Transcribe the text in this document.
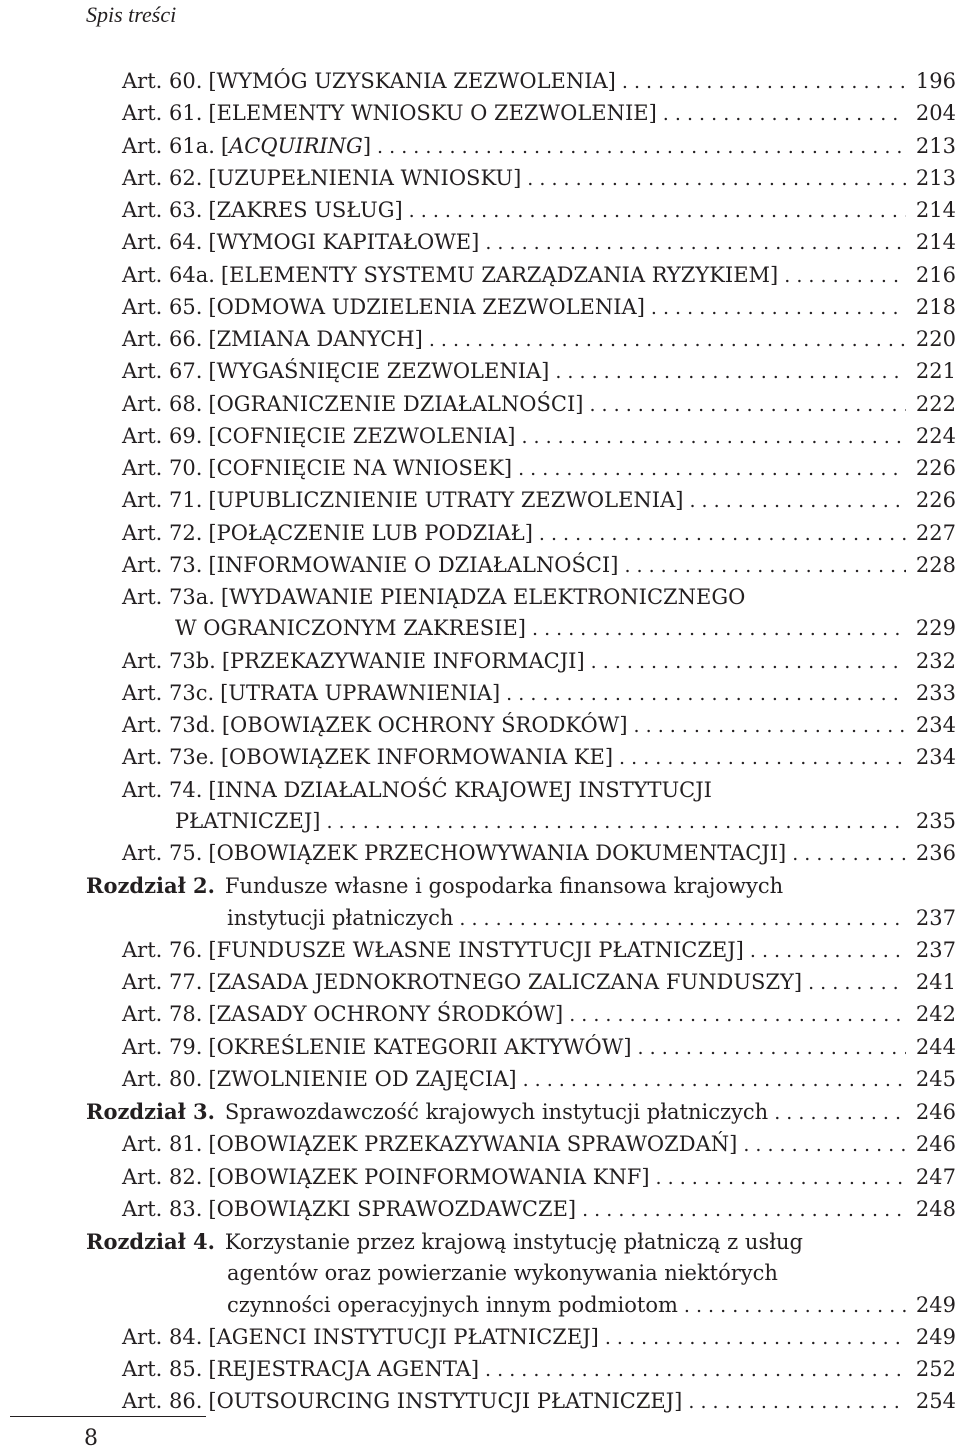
Spis treści
Art. 60. [WYMÓG UZYSKANIA ZEZWOLENIA] . . .	196
Art. 61. [ELEMENTY WNIOSKU O ZEZWOLENIE] . . .	204
Art. 61a. [ACQUIRING] . . .	213
Art. 62. [UZUPEŁNIENIA WNIOSKU] . . .	213
Art. 63. [ZAKRES USŁUG] . . .	214
Art. 64. [WYMOGI KAPITAŁOWE] . . .	214
Art. 64a. [ELEMENTY SYSTEMU ZARZĄDZANIA RYZYKIEM] . . .	216
Art. 65. [ODMOWA UDZIELENIA ZEZWOLENIA] . . .	218
Art. 66. [ZMIANA DANYCH] . . .	220
Art. 67. [WYGAŚNIĘCIE ZEZWOLENIA] . . .	221
Art. 68. [OGRANICZENIE DZIAŁALNOŚCI] . . .	222
Art. 69. [COFNIĘCIE ZEZWOLENIA] . . .	224
Art. 70. [COFNIĘCIE NA WNIOSEK] . . .	226
Art. 71. [UPUBLICZNIENIE UTRATY ZEZWOLENIA] . . .	226
Art. 72. [POŁĄCZENIE LUB PODZIAŁ] . . .	227
Art. 73. [INFORMOWANIE O DZIAŁALNOŚCI] . . .	228
Art. 73a. [WYDAWANIE PIENIĄDZA ELEKTRONICZNEGO
W OGRANICZONYM ZAKRESIE] . . .	229
Art. 73b. [PRZEKAZYWANIE INFORMACJI] . . .	232
Art. 73c. [UTRATA UPRAWNIENIA] . . .	233
Art. 73d. [OBOWIĄZEK OCHRONY ŚRODKÓW] . . .	234
Art. 73e. [OBOWIĄZEK INFORMOWANIA KE] . . .	234
Art. 74. [INNA DZIAŁALNOŚĆ KRAJOWEJ INSTYTUCJI
PŁATNICZEJ] . . .	235
Art. 75. [OBOWIĄZEK PRZECHOWYWANIA DOKUMENTACJI] . . .	236
Rozdział 2. Fundusze własne i gospodarka finansowa krajowych
instytucji płatniczych . . .	237
Art. 76. [FUNDUSZE WŁASNE INSTYTUCJI PŁATNICZEJ] . . .	237
Art. 77. [ZASADA JEDNOKROTNEGO ZALICZANA FUNDUSZY] . . .	241
Art. 78. [ZASADY OCHRONY ŚRODKÓW] . . .	242
Art. 79. [OKREŚLENIE KATEGORII AKTYWÓW] . . .	244
Art. 80. [ZWOLNIENIE OD ZAJĘCIA] . . .	245
Rozdział 3. Sprawozdawczość krajowych instytucji płatniczych . . .	246
Art. 81. [OBOWIĄZEK PRZEKAZYWANIA SPRAWOZDAŃ] . . .	246
Art. 82. [OBOWIĄZEK POINFORMOWANIA KNF] . . .	247
Art. 83. [OBOWIĄZKI SPRAWOZDAWCZE] . . .	248
Rozdział 4. Korzystanie przez krajową instytucję płatniczą z usług
agentów oraz powierzanie wykonywania niektórych
czynności operacyjnych innym podmiotom . . .	249
Art. 84. [AGENCI INSTYTUCJI PŁATNICZEJ] . . .	249
Art. 85. [REJESTRACJA AGENTA] . . .	252
Art. 86. [OUTSOURCING INSTYTUCJI PŁATNICZEJ] . . .	254
8
